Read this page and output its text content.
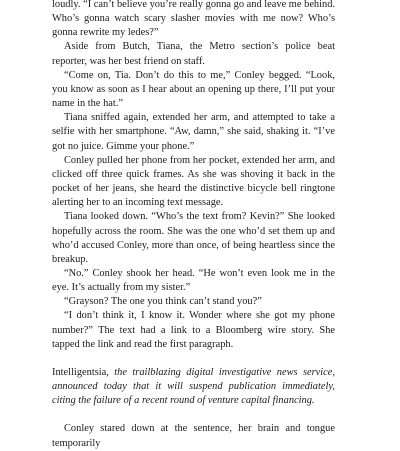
loudly. “I can’t believe you’re really gonna go and leave me behind. Who’s gonna watch scary slasher movies with me now? Who’s gonna rewrite my ledes?”

Aside from Butch, Tiana, the Metro section’s police beat reporter, was her best friend on staff.

“Come on, Tia. Don’t do this to me,” Conley begged. “Look, you know as soon as I hear about an opening up there, I’ll put your name in the hat.”

Tiana sniffed again, extended her arm, and attempted to take a selfie with her smartphone. “Aw, damn,” she said, shaking it. “I’ve got no juice. Gimme your phone.”

Conley pulled her phone from her pocket, extended her arm, and clicked off three quick frames. As she was shoving it back in the pocket of her jeans, she heard the distinctive bicycle bell ringtone alerting her to an incoming text message.

Tiana looked down. “Who’s the text from? Kevin?” She looked hopefully across the room. She was the one who’d set them up and who’d accused Conley, more than once, of being heartless since the breakup.

“No.” Conley shook her head. “He won’t even look me in the eye. It’s actually from my sister.”

“Grayson? The one you think can’t stand you?”

“I don’t think it, I know it. Wonder where she got my phone number?” The text had a link to a Bloomberg wire story. She tapped the link and read the first paragraph.

Intelligentsia, the trailblazing digital investigative news service, announced today that it will suspend publication immediately, citing the failure of a recent round of venture capital financing.

Conley stared down at the sentence, her brain and tongue temporarily
